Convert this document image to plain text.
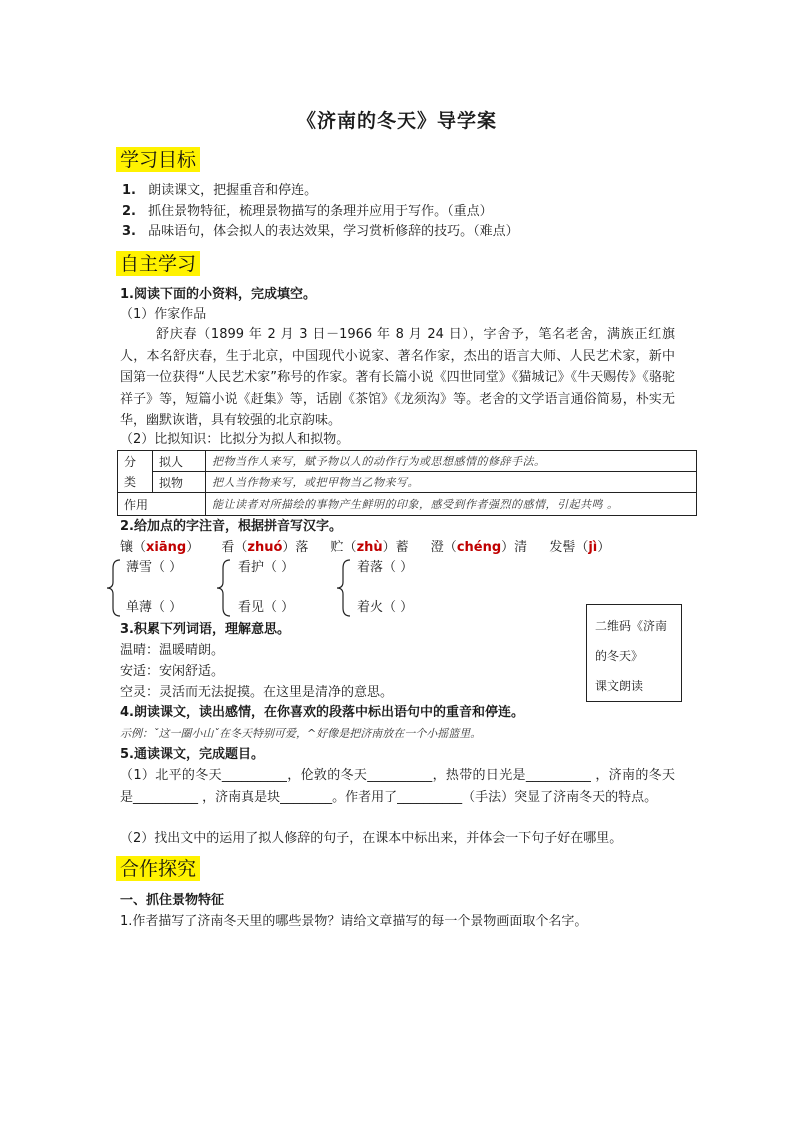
《济南的冬天》导学案
学习目标
1. 朗读课文，把握重音和停连。
2. 抓住景物特征，梳理景物描写的条理并应用于写作。（重点）
3. 品味语句，体会拟人的表达效果，学习赏析修辞的技巧。（难点）
自主学习
1.阅读下面的小资料，完成填空。
（1）作家作品
舒庆春（1899 年 2 月 3 日－1966 年 8 月 24 日），字舍予，笔名老舍，满族正红旗人，本名舒庆春，生于北京，中国现代小说家、著名作家，杰出的语言大师、人民艺术家，新中国第一位获得“人民艺术家”称号的作家。著有长篇小说《四世同堂》《猫城记》《牛天赐传》《骆驼祥子》等，短篇小说《赶集》等，话剧《茶馆》《龙须沟》等。老舍的文学语言通俗简易，朴实无华，幽默诙谐，具有较强的北京韵味。
（2）比拟知识：比拟分为拟人和拟物。
分	拟人	把物当作人来写，赋予物以人的动作行为或思想感情的修辞手法。
类	拟物	把人当作物来写，或把甲物当乙物来写。
作用		能让读者对所描绘的事物产生鲜明的印象，感受到作者强烈的感情，引起共鸣 。
2.给加点的字注音，根据拼音写汉字。
镶（xiāng） 看（zhuó）落 贮（zhù）蓄 澄（chéng）清 发髻（jì）
薄雪（ ）
单薄（ ）
看护（ ）
看见（ ）
着落（ ）
着火（ ）
二维码《济南
的冬天》
课文朗读
3.积累下列词语，理解意思。
温晴：温暖晴朗。
安适：安闲舒适。
空灵：灵活而无法捉摸。在这里是清净的意思。
4.朗读课文，读出感情，在你喜欢的段落中标出语句中的重音和停连。
示例：ˇ这一圈小山ˇ在冬天特别可爱，^好像是把济南放在一个小摇篮里。
5.通读课文，完成题目。
（1）北平的冬天__________，伦敦的冬天__________，热带的日光是__________ ，济南的冬天是__________ ，济南真是块________。作者用了__________（手法）突显了济南冬天的特点。
（2）找出文中的运用了拟人修辞的句子，在课本中标出来，并体会一下句子好在哪里。
合作探究
一、抓住景物特征
1.作者描写了济南冬天里的哪些景物？请给文章描写的每一个景物画面取个名字。
